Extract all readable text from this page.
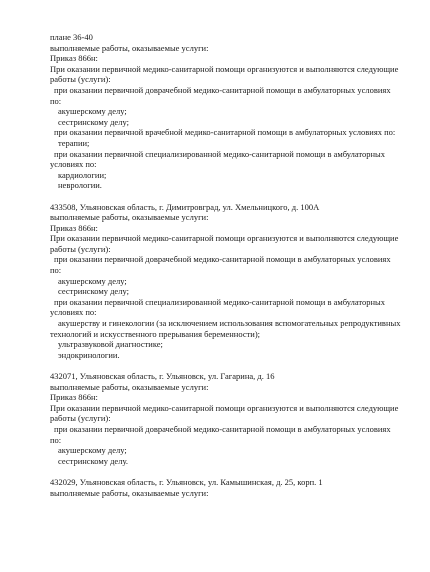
плане 36-40
выполняемые работы, оказываемые услуги:
Приказ 866н:
При оказании первичной медико-санитарной помощи организуются и выполняются следующие
работы (услуги):
при оказании первичной доврачебной медико-санитарной помощи в амбулаторных условиях
по:
акушерскому делу;
сестринскому делу;
при оказании первичной врачебной медико-санитарной помощи в амбулаторных условиях по:
терапии;
при оказании первичной специализированной медико-санитарной помощи в амбулаторных
условиях по:
кардиологии;
неврологии.
433508, Ульяновская область, г. Димитровград, ул. Хмельницкого, д. 100А
выполняемые работы, оказываемые услуги:
Приказ 866н:
При оказании первичной медико-санитарной помощи организуются и выполняются следующие
работы (услуги):
при оказании первичной доврачебной медико-санитарной помощи в амбулаторных условиях
по:
акушерскому делу;
сестринскому делу;
при оказании первичной специализированной медико-санитарной помощи в амбулаторных
условиях по:
акушерству и гинекологии (за исключением использования вспомогательных репродуктивных
технологий и искусственного прерывания беременности);
ультразвуковой диагностике;
эндокринологии.
432071, Ульяновская область, г. Ульяновск, ул. Гагарина, д. 16
выполняемые работы, оказываемые услуги:
Приказ 866н:
При оказании первичной медико-санитарной помощи организуются и выполняются следующие
работы (услуги):
при оказании первичной доврачебной медико-санитарной помощи в амбулаторных условиях
по:
акушерскому делу;
сестринскому делу.
432029, Ульяновская область, г. Ульяновск, ул. Камышинская, д. 25, корп. 1
выполняемые работы, оказываемые услуги:
